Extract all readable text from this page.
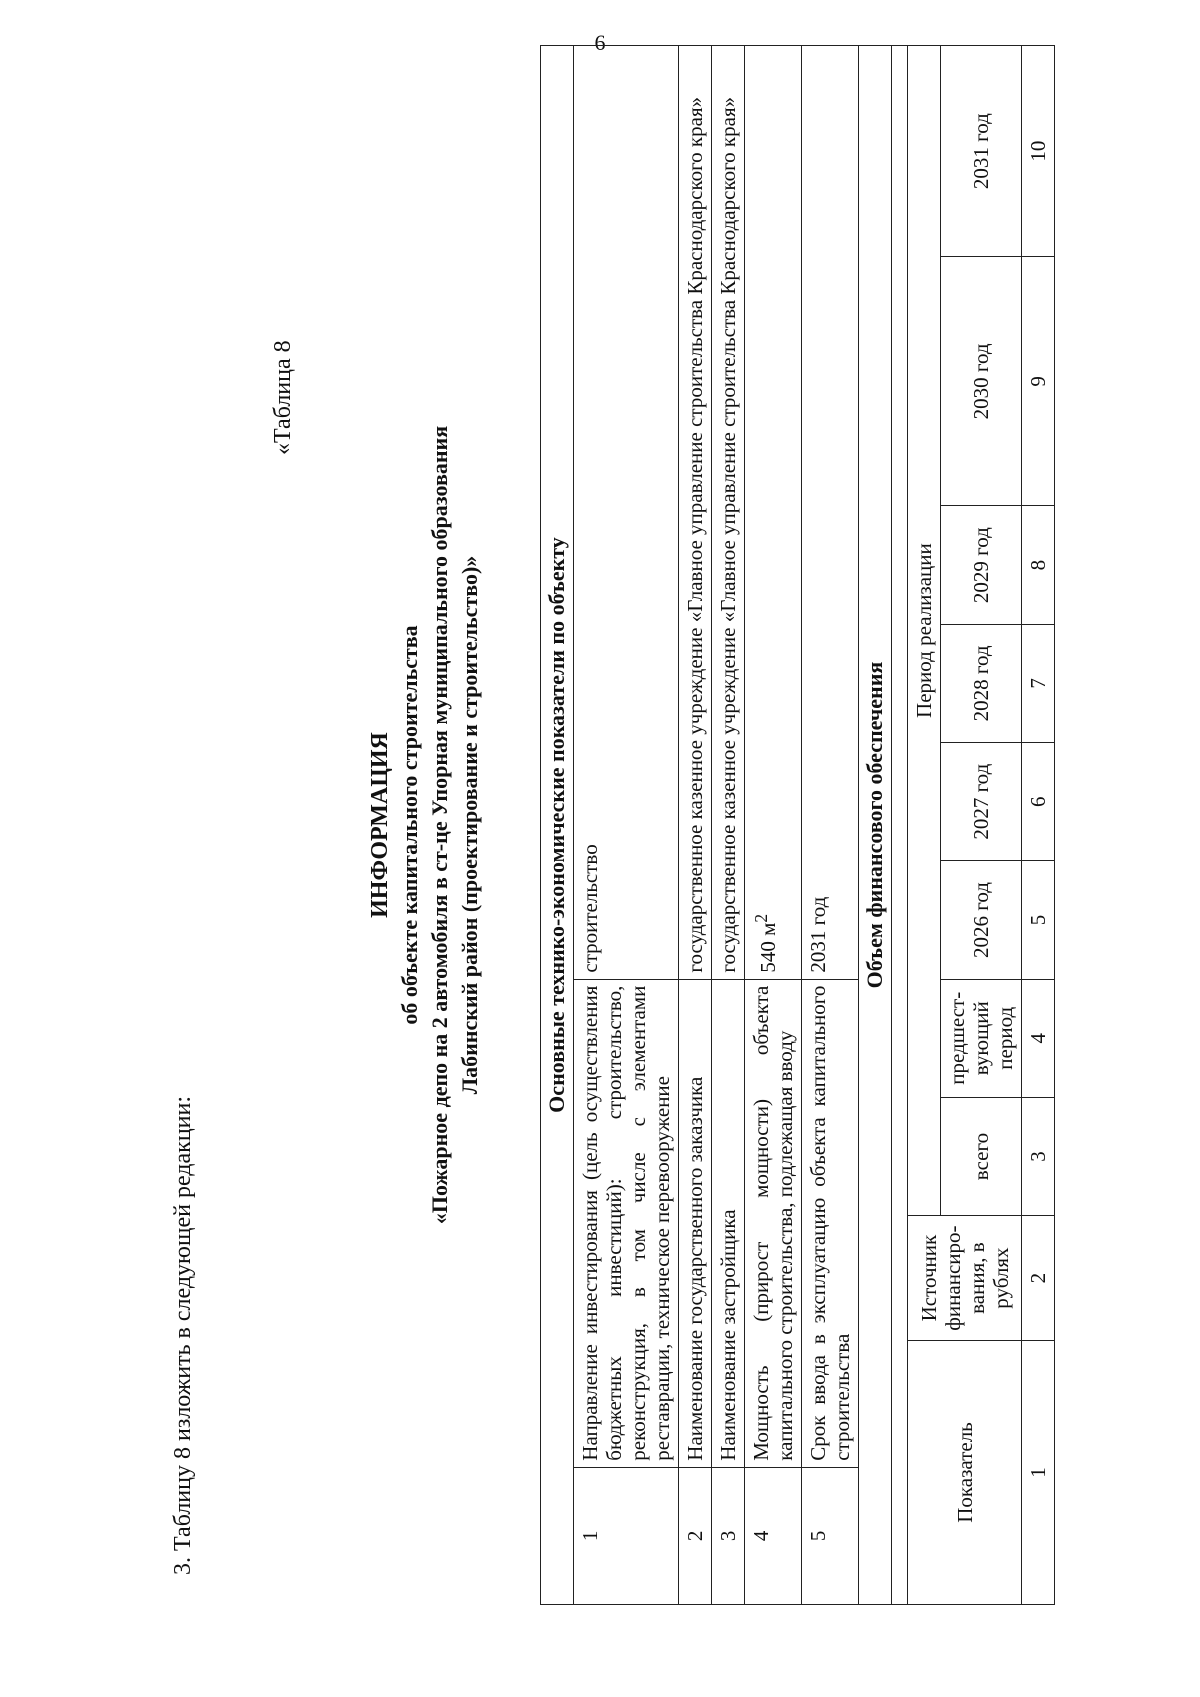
6
3. Таблицу 8 изложить в следующей редакции:
«Таблица 8
ИНФОРМАЦИЯ об объекте капитального строительства «Пожарное депо на 2 автомобиля в ст-це Упорная муниципального образования Лабинский район (проектирование и строительство)»	Основные технико-экономические показатели по объекту										
1	Направление инвестирования (цель осуществления бюджетных инвестиций): строительство, реконструкция, в том числе с элементами реставрации, техническое перевооружение				строительство					
2	Наименование государственного заказчика				государственное казенное учреждение «Главное управление строительства Краснодарского края»					
3	Наименование застройщика				государственное казенное учреждение «Главное управление строительства Краснодарского края»					
4	Мощность (прирост мощности) объекта капитального строительства, подлежащая вводу				540 $м^2$
5	Срок ввода в эксплуатацию объекта капитального строительства				2031 год					
Объем финансового обеспечения										

Показатель		Источник финансиро-вания, в рублях	Период реализации							
			всего	предшест-вующий период	2026 год	2027 год	2028 год	2029 год	2030 год	2031 год
1		2	3	4	5	6	7	8	9	10
